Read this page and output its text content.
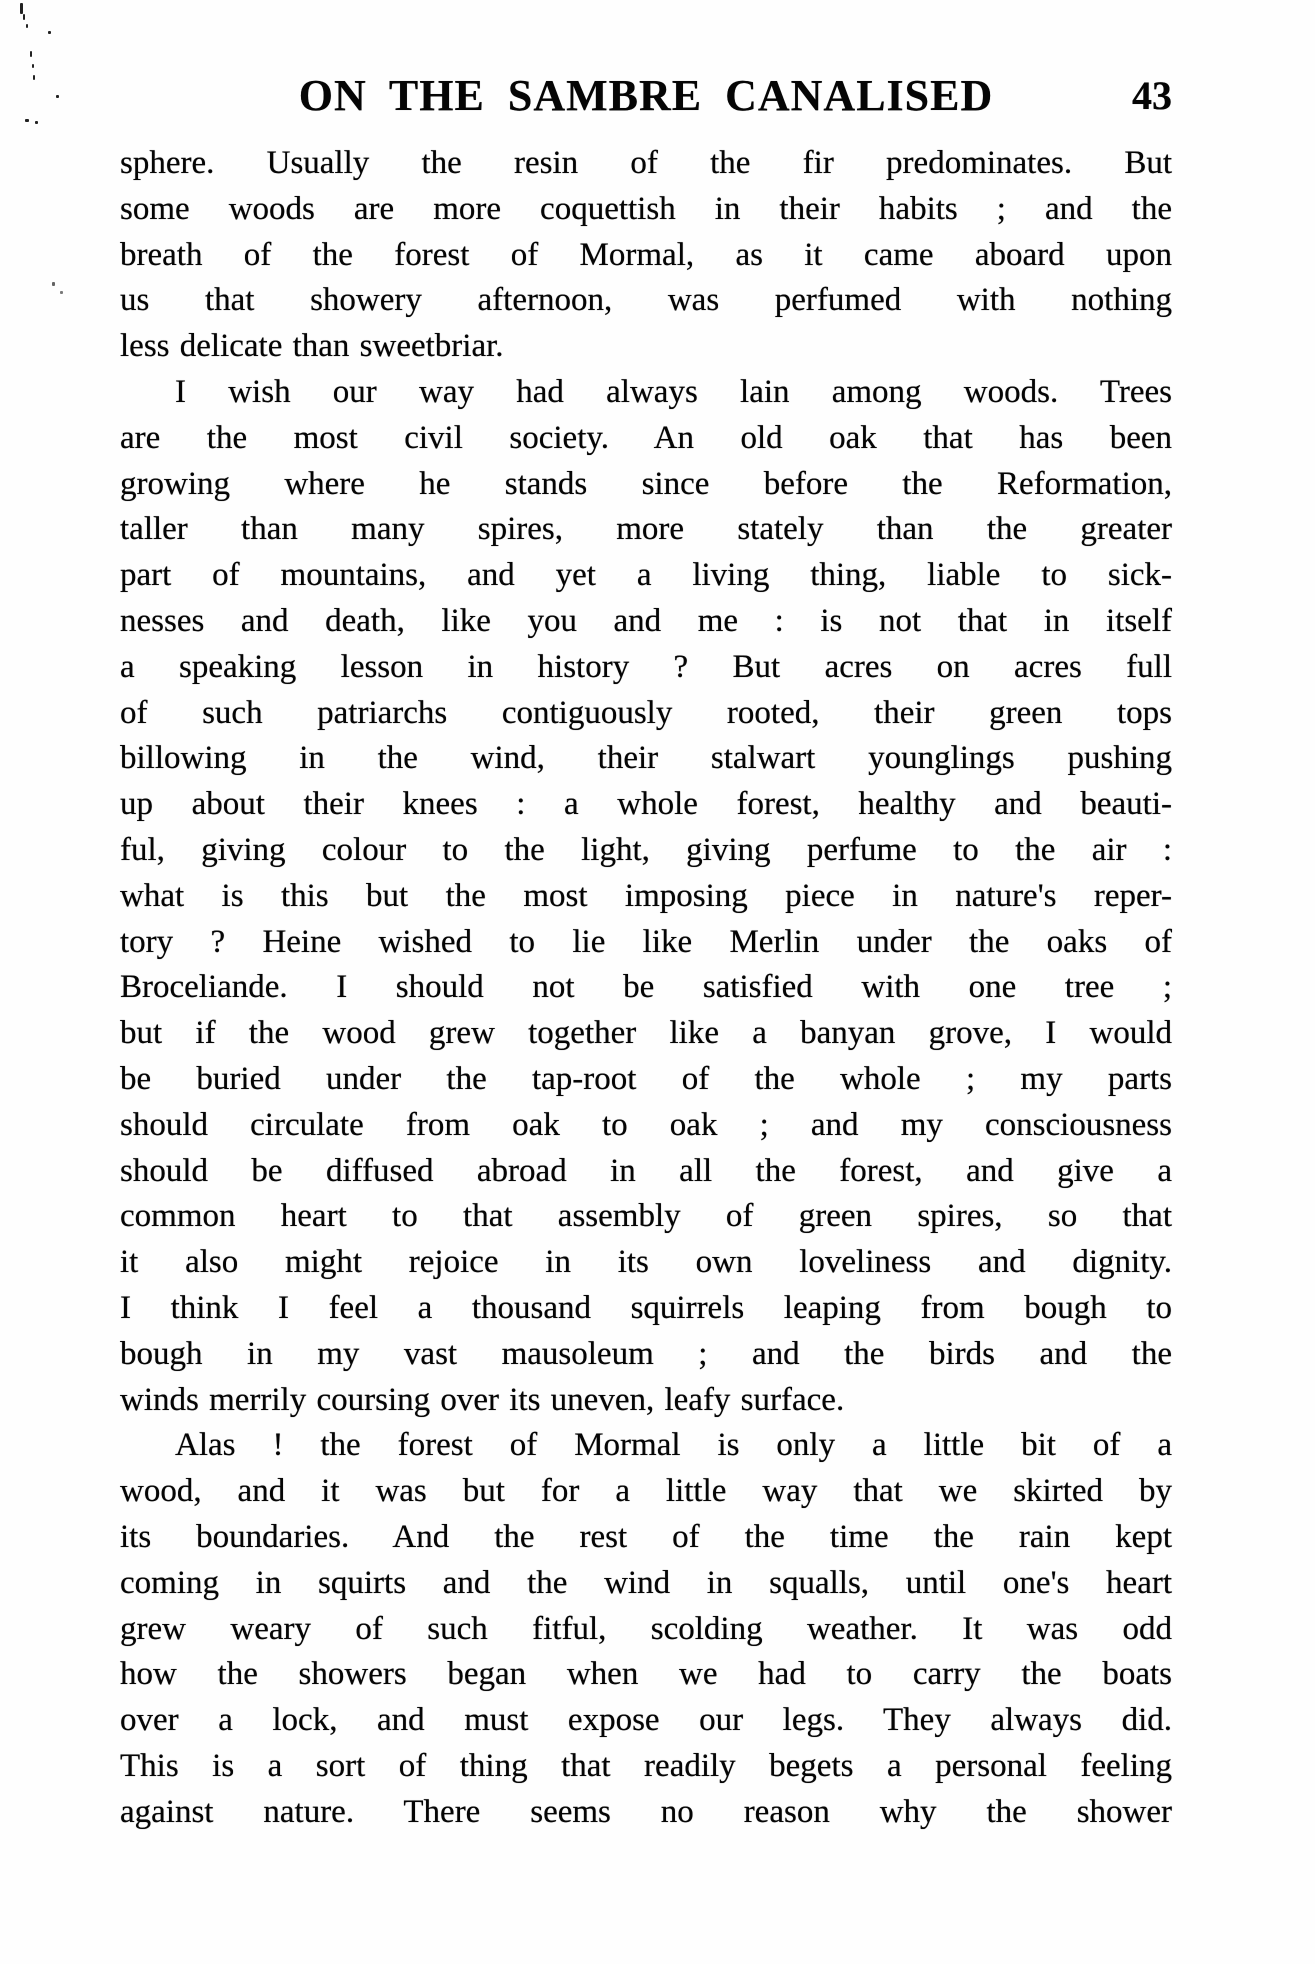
ON THE SAMBRE CANALISED	43
sphere. Usually the resin of the fir predominates. But
some woods are more coquettish in their habits ; and the
breath of the forest of Mormal, as it came aboard upon
us that showery afternoon, was perfumed with nothing
less delicate than sweetbriar.
I wish our way had always lain among woods. Trees
are the most civil society. An old oak that has been
growing where he stands since before the Reformation,
taller than many spires, more stately than the greater
part of mountains, and yet a living thing, liable to sick-
nesses and death, like you and me : is not that in itself
a speaking lesson in history ? But acres on acres full
of such patriarchs contiguously rooted, their green tops
billowing in the wind, their stalwart younglings pushing
up about their knees : a whole forest, healthy and beauti-
ful, giving colour to the light, giving perfume to the air :
what is this but the most imposing piece in nature's reper-
tory ? Heine wished to lie like Merlin under the oaks of
Broceliande. I should not be satisfied with one tree ;
but if the wood grew together like a banyan grove, I would
be buried under the tap-root of the whole ; my parts
should circulate from oak to oak ; and my consciousness
should be diffused abroad in all the forest, and give a
common heart to that assembly of green spires, so that
it also might rejoice in its own loveliness and dignity.
I think I feel a thousand squirrels leaping from bough to
bough in my vast mausoleum ; and the birds and the
winds merrily coursing over its uneven, leafy surface.
Alas ! the forest of Mormal is only a little bit of a
wood, and it was but for a little way that we skirted by
its boundaries. And the rest of the time the rain kept
coming in squirts and the wind in squalls, until one's heart
grew weary of such fitful, scolding weather. It was odd
how the showers began when we had to carry the boats
over a lock, and must expose our legs. They always did.
This is a sort of thing that readily begets a personal feeling
against nature. There seems no reason why the shower
